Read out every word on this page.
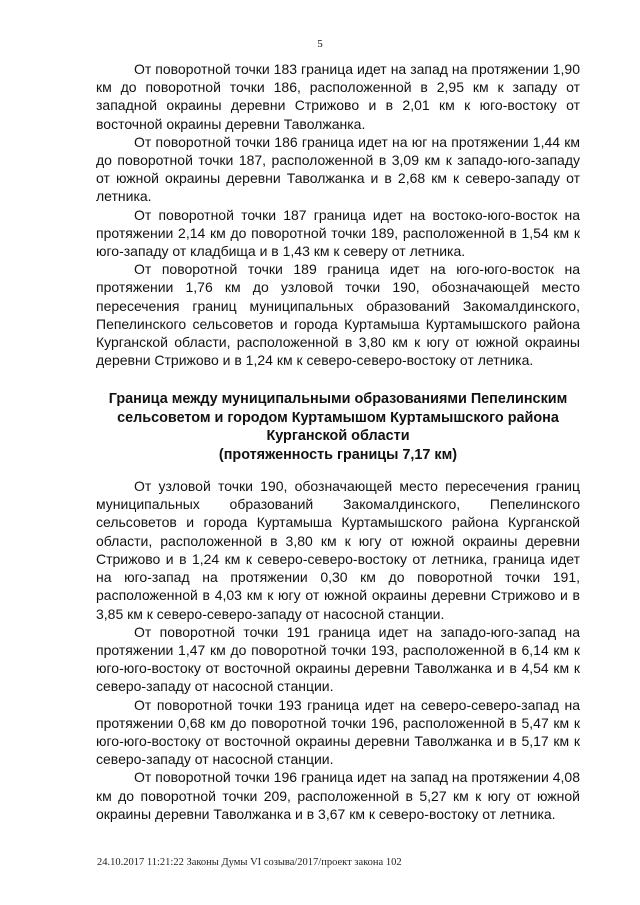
5

От поворотной точки 183 граница идет на запад на протяжении 1,90 км до поворотной точки 186, расположенной в 2,95 км к западу от западной окраины деревни Стрижово и в 2,01 км к юго-востоку от восточной окраины деревни Таволжанка.

От поворотной точки 186 граница идет на юг на протяжении 1,44 км до поворотной точки 187, расположенной в 3,09 км к западо-юго-западу от южной окраины деревни Таволжанка и в 2,68 км к северо-западу от летника.

От поворотной точки 187 граница идет на востоко-юго-восток на протяжении 2,14 км до поворотной точки 189, расположенной в 1,54 км к юго-западу от кладбища и в 1,43 км к северу от летника.

От поворотной точки 189 граница идет на юго-юго-восток на протяжении 1,76 км до узловой точки 190, обозначающей место пересечения границ муниципальных образований Закомалдинского, Пепелинского сельсоветов и города Куртамыша Куртамышского района Курганской области, расположенной в 3,80 км к югу от южной окраины деревни Стрижово и в 1,24 км к северо-северо-востоку от летника.

Граница между муниципальными образованиями Пепелинским
сельсоветом и городом Куртамышом Куртамышского района
Курганской области
(протяженность границы 7,17 км)

От узловой точки 190, обозначающей место пересечения границ муниципальных образований Закомалдинского, Пепелинского сельсоветов и города Куртамыша Куртамышского района Курганской области, расположенной в 3,80 км к югу от южной окраины деревни Стрижово и в 1,24 км к северо-северо-востоку от летника, граница идет на юго-запад на протяжении 0,30 км до поворотной точки 191, расположенной в 4,03 км к югу от южной окраины деревни Стрижово и в 3,85 км к северо-северо-западу от насосной станции.

От поворотной точки 191 граница идет на западо-юго-запад на протяжении 1,47 км до поворотной точки 193, расположенной в 6,14 км к юго-юго-востоку от восточной окраины деревни Таволжанка и в 4,54 км к северо-западу от насосной станции.

От поворотной точки 193 граница идет на северо-северо-запад на протяжении 0,68 км до поворотной точки 196, расположенной в 5,47 км к юго-юго-востоку от восточной окраины деревни Таволжанка и в 5,17 км к северо-западу от насосной станции.

От поворотной точки 196 граница идет на запад на протяжении 4,08 км до поворотной точки 209, расположенной в 5,27 км к югу от южной окраины деревни Таволжанка и в 3,67 км к северо-востоку от летника.

24.10.2017 11:21:22 Законы Думы VI созыва/2017/проект закона 102
